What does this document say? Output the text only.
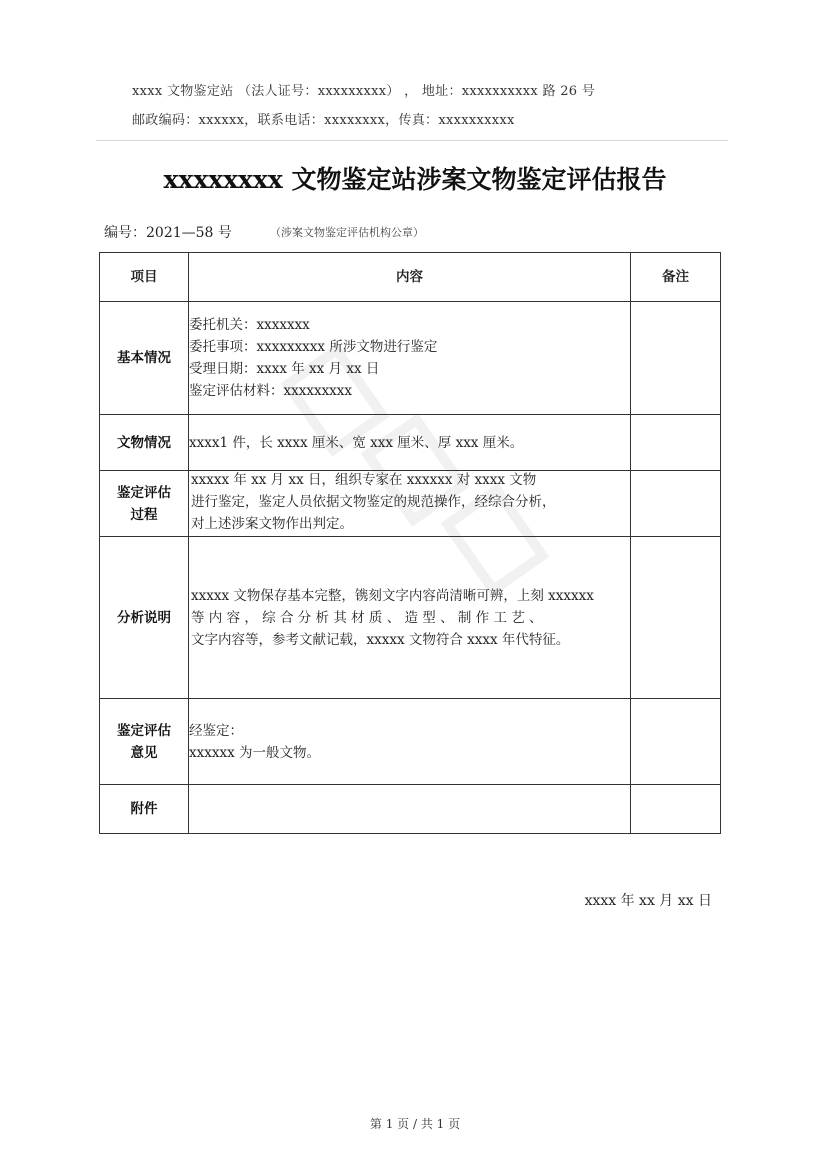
xxxx 文物鉴定站 （法人证号：xxxxxxxxx） ， 地址：xxxxxxxxxx 路 26 号
邮政编码：xxxxxx，联系电话：xxxxxxxx，传真：xxxxxxxxxx
xxxxxxxx 文物鉴定站涉案文物鉴定评估报告
编号：2021—58 号	（涉案文物鉴定评估机构公章）
项目	内容	备注
基本情况	委托机关：xxxxxxx
委托事项：xxxxxxxxx 所涉文物进行鉴定
受理日期：xxxx 年 xx 月 xx 日
鉴定评估材料：xxxxxxxxx	

文物情况	xxxx1 件，长 xxxx 厘米、宽 xxx 厘米、厚 xxx 厘米。	

鉴定评估
过程	xxxxx 年 xx 月 xx 日，组织专家在 xxxxxx 对 xxxx 文物
进行鉴定，鉴定人员依据文物鉴定的规范操作，经综合分析，
对上述涉案文物作出判定。	

分析说明	xxxxx 文物保存基本完整，镌刻文字内容尚清晰可辨，上刻 xxxxxx
等 内 容 ， 综 合 分 析 其 材 质 、 造 型 、 制 作 工 艺 、
文字内容等，参考文献记载，xxxxx 文物符合 xxxx 年代特征。	

鉴定评估
意见	经鉴定：
xxxxxx 为一般文物。	

附件		
xxxx 年 xx 月 xx 日
第 1 页 / 共 1 页
